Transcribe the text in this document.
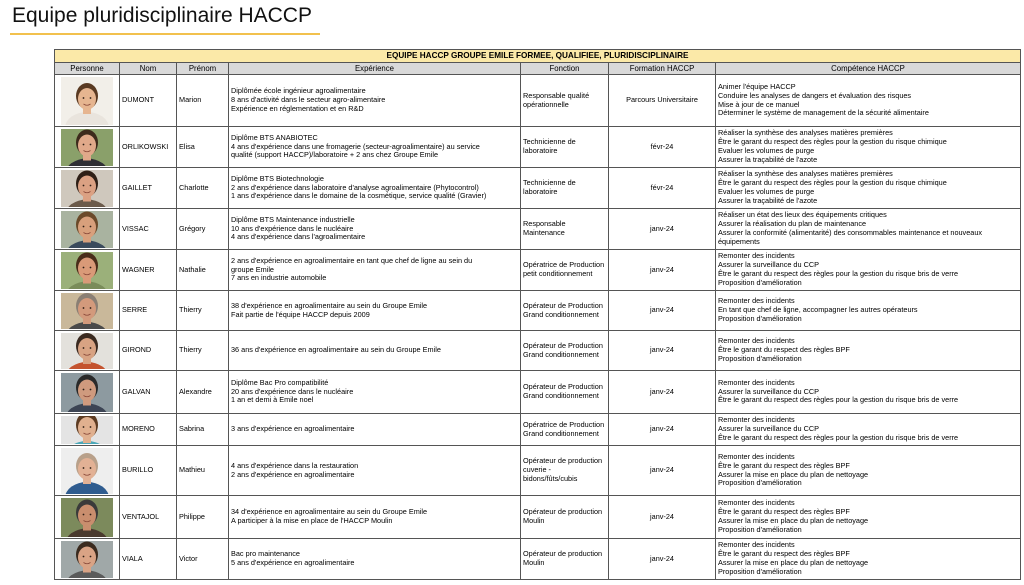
Equipe pluridisciplinaire HACCP
EQUIPE HACCP GROUPE EMILE FORMEE, QUALIFIEE, PLURIDISCIPLINAIRE						
Personne	Nom	Prénom	Expérience	Fonction	Formation HACCP	Compétence HACCP

	DUMONT	Marion	Diplômée école ingénieur agroalimentaire
8 ans d'activité dans le secteur agro-alimentaire
Expérience en réglementation et en R&D	Responsable qualité opérationnelle	Parcours Universitaire	Animer l'équipe HACCP
Conduire les analyses de dangers et évaluation des risques
Mise à jour de ce manuel
Déterminer le système de management de la sécurité alimentaire

	ORLIKOWSKI	Elisa	Diplôme BTS ANABIOTEC
4 ans d'expérience dans une fromagerie (secteur-agroalimentaire) au service
qualité (support HACCP)/laboratoire + 2 ans chez Groupe Emile	Technicienne de laboratoire	févr-24	Réaliser la synthèse des analyses matières premières
Être le garant du respect des règles pour la gestion du risque chimique
Evaluer les volumes de purge
Assurer la traçabilité de l'azote

	GAILLET	Charlotte	Diplôme BTS Biotechnologie
2 ans d'expérience dans laboratoire d'analyse agroalimentaire (Phytocontrol)
1 ans d'expérience dans le domaine de la cosmétique, service qualité (Gravier)	Technicienne de laboratoire	févr-24	Réaliser la synthèse des analyses matières premières
Être le garant du respect des règles pour la gestion du risque chimique
Evaluer les volumes de purge
Assurer la traçabilité de l'azote

	VISSAC	Grégory	Diplôme BTS Maintenance industrielle
10 ans d'expérience dans le nucléaire
4 ans d'expérience dans l'agroalimentaire	Responsable Maintenance	janv-24	Réaliser un état des lieux des équipements critiques
Assurer la réalisation du plan de maintenance
Assurer la conformité (alimentarité) des consommables maintenance et nouveaux
équipements

	WAGNER	Nathalie	2 ans d'expérience en agroalimentaire en tant que chef de ligne au sein du
groupe Emile
7 ans en industrie automobile	Opératrice de Production petit conditionnement	janv-24	Remonter des incidents
Assurer la surveillance du CCP
Être le garant du respect des règles pour la gestion du risque bris de verre
Proposition d'amélioration

	SERRE	Thierry	38 d'expérience en agroalimentaire au sein du Groupe Emile
Fait partie de l'équipe HACCP depuis 2009	Opérateur de Production Grand conditionnement	janv-24	Remonter des incidents
En tant que chef de ligne, accompagner les autres opérateurs
Proposition d'amélioration

	GIROND	Thierry	36 ans d'expérience en agroalimentaire au sein du Groupe Emile	Opérateur de Production Grand conditionnement	janv-24	Remonter des incidents
Être le garant du respect des règles BPF
Proposition d'amélioration

	GALVAN	Alexandre	Diplôme Bac Pro compatibilité
20 ans d'expérience dans le nucléaire
1 an et demi à Emile noel	Opérateur de Production Grand conditionnement	janv-24	Remonter des incidents
Assurer la surveillance du CCP
Être le garant du respect des règles pour la gestion du risque bris de verre

	MORENO	Sabrina	3 ans d'expérience en agroalimentaire	Opératrice de Production Grand conditionnement	janv-24	Remonter des incidents
Assurer la surveillance du CCP
Être le garant du respect des règles pour la gestion du risque bris de verre

	BURILLO	Mathieu	4 ans d'expérience dans la restauration
2 ans d'expérience en agroalimentaire	Opérateur de production cuverie - bidons/fûts/cubis	janv-24	Remonter des incidents
Être le garant du respect des règles BPF
Assurer la mise en place du plan de nettoyage
Proposition d'amélioration

	VENTAJOL	Philippe	34 d'expérience en agroalimentaire au sein du Groupe Emile
A participer à la mise en place de l'HACCP Moulin	Opérateur de production Moulin	janv-24	Remonter des incidents
Être le garant du respect des règles BPF
Assurer la mise en place du plan de nettoyage
Proposition d'amélioration

	VIALA	Victor	Bac pro maintenance
5 ans d'expérience en agroalimentaire	Opérateur de production Moulin	janv-24	Remonter des incidents
Être le garant du respect des règles BPF
Assurer la mise en place du plan de nettoyage
Proposition d'amélioration
